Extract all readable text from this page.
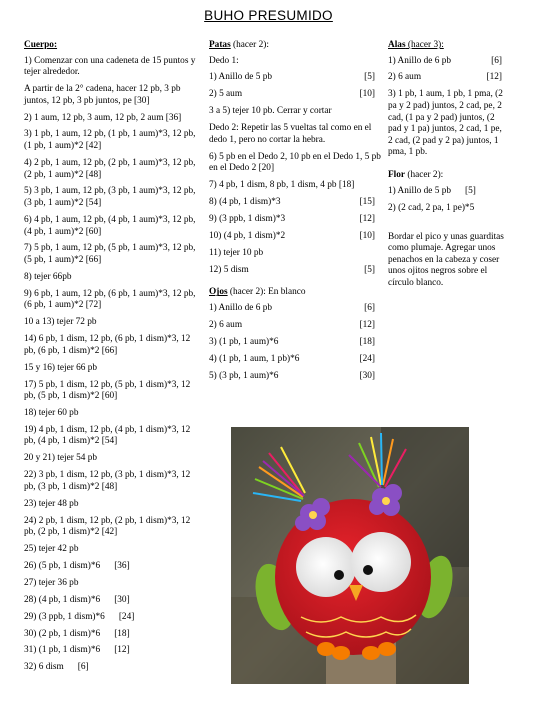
BUHO PRESUMIDO
Cuerpo:

1) Comenzar con una cadeneta de 15 puntos y tejer alrededor.

A partir de la 2° cadena, hacer 12 pb, 3 pb juntos, 12 pb, 3 pb juntos, pe [30]

2) 1 aum, 12 pb, 3 aum, 12 pb, 2 aum [36]

3) 1 pb, 1 aum, 12 pb, (1 pb, 1 aum)*3, 12 pb, (1 pb, 1 aum)*2 [42]

4) 2 pb, 1 aum, 12 pb, (2 pb, 1 aum)*3, 12 pb, (2 pb, 1 aum)*2 [48]

5) 3 pb, 1 aum, 12 pb, (3 pb, 1 aum)*3, 12 pb, (3 pb, 1 aum)*2 [54]

6) 4 pb, 1 aum, 12 pb, (4 pb, 1 aum)*3, 12 pb, (4 pb, 1 aum)*2 [60]

7) 5 pb, 1 aum, 12 pb, (5 pb, 1 aum)*3, 12 pb, (5 pb, 1 aum)*2 [66]

8) tejer 66pb

9) 6 pb, 1 aum, 12 pb, (6 pb, 1 aum)*3, 12 pb, (6 pb, 1 aum)*2 [72]

10 a 13) tejer 72 pb

14) 6 pb, 1 dism, 12 pb, (6 pb, 1 dism)*3, 12 pb, (6 pb, 1 dism)*2 [66]

15 y 16) tejer 66 pb

17) 5 pb, 1 dism, 12 pb, (5 pb, 1 dism)*3, 12 pb, (5 pb, 1 dism)*2 [60]

18) tejer 60 pb

19) 4 pb, 1 dism, 12 pb, (4 pb, 1 dism)*3, 12 pb, (4 pb, 1 dism)*2 [54]

20 y 21) tejer 54 pb

22) 3 pb, 1 dism, 12 pb, (3 pb, 1 dism)*3, 12 pb, (3 pb, 1 dism)*2 [48]

23) tejer 48 pb

24) 2 pb, 1 dism, 12 pb, (2 pb, 1 dism)*3, 12 pb, (2 pb, 1 dism)*2 [42]

25) tejer 42 pb

26) (5 pb, 1 dism)*6 [36]
27) tejer 36 pb
28) (4 pb, 1 dism)*6 [30]
29) (3 ppb, 1 dism)*6 [24]
30) (2 pb, 1 dism)*6 [18]
31) (1 pb, 1 dism)*6 [12]
32) 6 dism [6]
Patas (hacer 2):

Dedo 1:

1) Anillo de 5 pb	[5]
2) 5 aum	[10]

3 a 5) tejer 10 pb. Cerrar y cortar

Dedo 2: Repetir las 5 vueltas tal como en el dedo 1, pero no cortar la hebra.

6) 5 pb en el Dedo 2, 10 pb en el Dedo 1, 5 pb en el Dedo 2 [20]

7) 4 pb, 1 dism, 8 pb, 1 dism, 4 pb [18]

8) (4 pb, 1 dism)*3	[15]
9) (3 ppb, 1 dism)*3	[12]
10) (4 pb, 1 dism)*2	[10]
11) tejer 10 pb
12) 5 dism	[5]
Ojos (hacer 2): En blanco
1) Anillo de 6 pb	[6]
2) 6 aum	[12]
3) (1 pb, 1 aum)*6	[18]
4) (1 pb, 1 aum, 1 pb)*6	[24]
5) (3 pb, 1 aum)*6	[30]
Alas (hacer 3):
1) Anillo de 6 pb	[6]
2) 6 aum	[12]

3) 1 pb, 1 aum, 1 pb, 1 pma, (2 pa y 2 pad) juntos, 2 cad, pe, 2 cad, (1 pa y 2 pad) juntos, (2 pad y 1 pa) juntos, 2 cad, 1 pe, 2 cad, (2 pad y 2 pa) juntos, 1 pma, 1 pb.

Flor (hacer 2):
1) Anillo de 5 pb [5]

2) (2 cad, 2 pa, 1 pe)*5

Bordar el pico y unas guarditas como plumaje. Agregar unos penachos en la cabeza y coser unos ojitos negros sobre el círculo blanco.
